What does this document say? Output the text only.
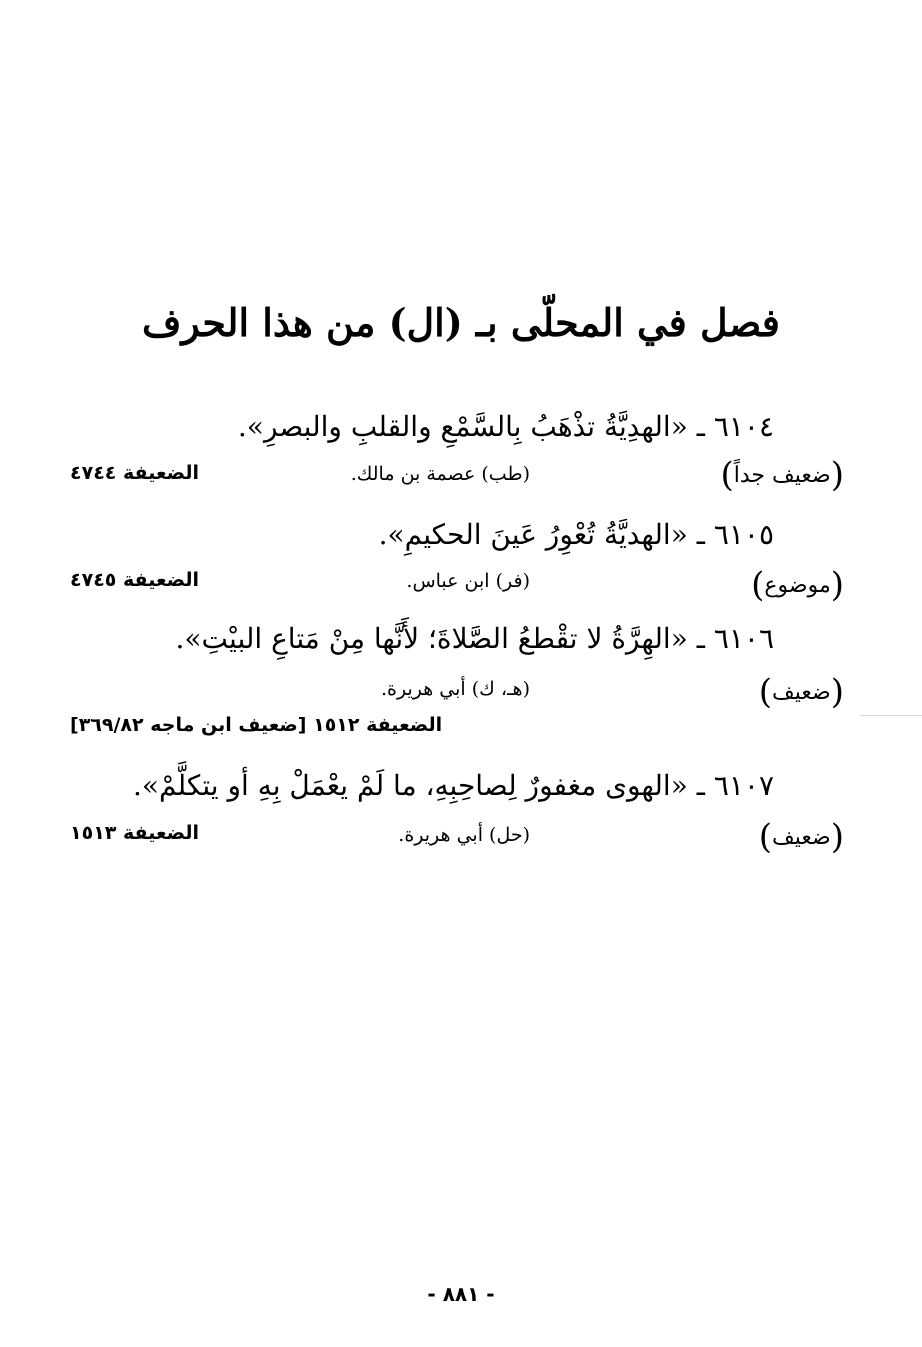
فصل في المحلّى بـ (ال) من هذا الحرف
٦١٠٤ ـ «الهدِيَّةُ تذْهَبُ بِالسَّمْعِ والقلبِ والبصرِ».
(ضعيف جداً)
(طب) عصمة بن مالك.
الضعيفة ٤٧٤٤
٦١٠٥ ـ «الهديَّةُ تُعْوِرُ عَينَ الحكيمِ».
(موضوع)
(فر) ابن عباس.
الضعيفة ٤٧٤٥
٦١٠٦ ـ «الهِرَّةُ لا تقْطعُ الصَّلاةَ؛ لأَنَّها مِنْ مَتاعِ البيْتِ».
(ضعيف)
(هـ، ك) أبي هريرة.
الضعيفة ١٥١٢ [ضعيف ابن ماجه ٣٦٩/٨٢]
٦١٠٧ ـ «الهوى مغفورٌ لِصاحِبِهِ، ما لَمْ يعْمَلْ بِهِ أو يتكلَّمْ».
(ضعيف)
(حل) أبي هريرة.
الضعيفة ١٥١٣
- ٨٨١ -
